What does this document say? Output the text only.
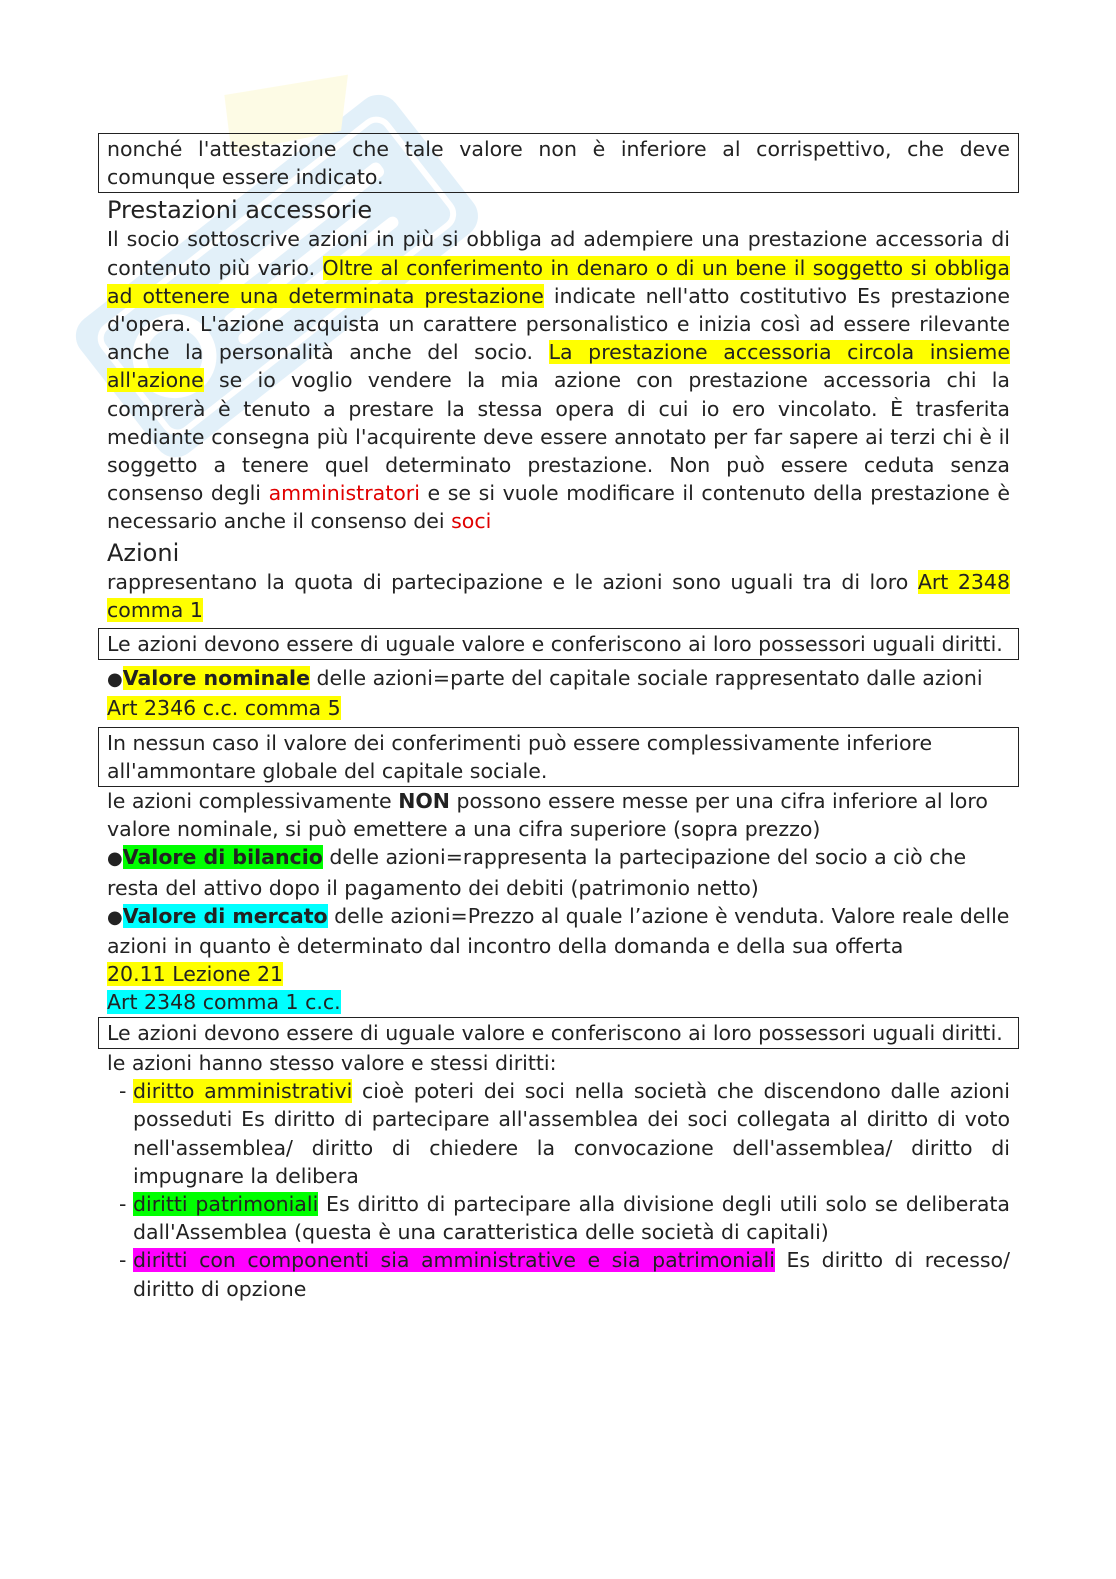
nonché l'attestazione che tale valore non è inferiore al corrispettivo, che deve comunque essere indicato.

Prestazioni accessorie

Il socio sottoscrive azioni in più si obbliga ad adempiere una prestazione accessoria di contenuto più vario. Oltre al conferimento in denaro o di un bene il soggetto si obbliga ad ottenere una determinata prestazione indicate nell'atto costitutivo Es prestazione d'opera. L'azione acquista un carattere personalistico e inizia così ad essere rilevante anche la personalità anche del socio. La prestazione accessoria circola insieme all'azione se io voglio vendere la mia azione con prestazione accessoria chi la comprerà è tenuto a prestare la stessa opera di cui io ero vincolato. È trasferita mediante consegna più l'acquirente deve essere annotato per far sapere ai terzi chi è il soggetto a tenere quel determinato prestazione. Non può essere ceduta senza consenso degli amministratori e se si vuole modificare il contenuto della prestazione è necessario anche il consenso dei soci

Azioni

rappresentano la quota di partecipazione e le azioni sono uguali tra di loro Art 2348 comma 1

Le azioni devono essere di uguale valore e conferiscono ai loro possessori uguali diritti.

●Valore nominale delle azioni=parte del capitale sociale rappresentato dalle azioni

Art 2346 c.c. comma 5

In nessun caso il valore dei conferimenti può essere complessivamente inferiore all'ammontare globale del capitale sociale.

le azioni complessivamente NON possono essere messe per una cifra inferiore al loro valore nominale, si può emettere a una cifra superiore (sopra prezzo)

●Valore di bilancio delle azioni=rappresenta la partecipazione del socio a ciò che resta del attivo dopo il pagamento dei debiti (patrimonio netto)

●Valore di mercato delle azioni=Prezzo al quale l’azione è venduta. Valore reale delle azioni in quanto è determinato dal incontro della domanda e della sua offerta

20.11 Lezione 21

Art 2348 comma 1 c.c.

Le azioni devono essere di uguale valore e conferiscono ai loro possessori uguali diritti.

le azioni hanno stesso valore e stessi diritti:

- diritto amministrativi cioè poteri dei soci nella società che discendono dalle azioni posseduti Es diritto di partecipare all'assemblea dei soci collegata al diritto di voto nell'assemblea/ diritto di chiedere la convocazione dell'assemblea/ diritto di impugnare la delibera
- diritti patrimoniali Es diritto di partecipare alla divisione degli utili solo se deliberata dall'Assemblea (questa è una caratteristica delle società di capitali)
- diritti con componenti sia amministrative e sia patrimoniali Es diritto di recesso/ diritto di opzione
